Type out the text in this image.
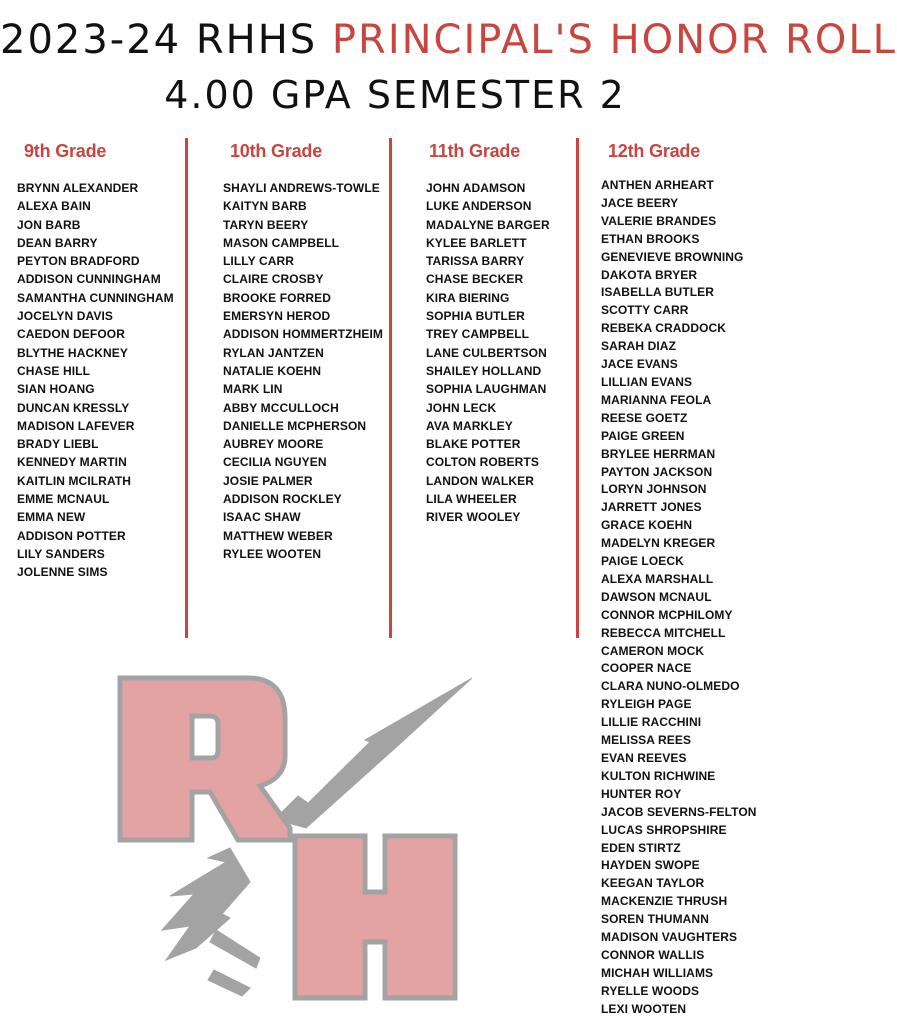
2023-24 RHHS PRINCIPAL'S HONOR ROLL
4.00 GPA SEMESTER 2
9th Grade
BRYNN ALEXANDER
ALEXA BAIN
JON BARB
DEAN BARRY
PEYTON BRADFORD
ADDISON CUNNINGHAM
SAMANTHA CUNNINGHAM
JOCELYN DAVIS
CAEDON DEFOOR
BLYTHE HACKNEY
CHASE HILL
SIAN HOANG
DUNCAN KRESSLY
MADISON LAFEVER
BRADY LIEBL
KENNEDY MARTIN
KAITLIN MCILRATH
EMME MCNAUL
EMMA NEW
ADDISON POTTER
LILY SANDERS
JOLENNE SIMS
10th Grade
SHAYLI ANDREWS-TOWLE
KAITYN BARB
TARYN BEERY
MASON CAMPBELL
LILLY CARR
CLAIRE CROSBY
BROOKE FORRED
EMERSYN HEROD
ADDISON HOMMERTZHEIM
RYLAN JANTZEN
NATALIE KOEHN
MARK LIN
ABBY MCCULLOCH
DANIELLE MCPHERSON
AUBREY MOORE
CECILIA NGUYEN
JOSIE PALMER
ADDISON ROCKLEY
ISAAC SHAW
MATTHEW WEBER
RYLEE WOOTEN
11th Grade
JOHN ADAMSON
LUKE ANDERSON
MADALYNE BARGER
KYLEE BARLETT
TARISSA BARRY
CHASE BECKER
KIRA BIERING
SOPHIA BUTLER
TREY CAMPBELL
LANE CULBERTSON
SHAILEY HOLLAND
SOPHIA LAUGHMAN
JOHN LECK
AVA MARKLEY
BLAKE POTTER
COLTON ROBERTS
LANDON WALKER
LILA WHEELER
RIVER WOOLEY
12th Grade
ANTHEN ARHEART
JACE BEERY
VALERIE BRANDES
ETHAN BROOKS
GENEVIEVE BROWNING
DAKOTA BRYER
ISABELLA BUTLER
SCOTTY CARR
REBEKA CRADDOCK
SARAH DIAZ
JACE EVANS
LILLIAN EVANS
MARIANNA FEOLA
REESE GOETZ
PAIGE GREEN
BRYLEE HERRMAN
PAYTON JACKSON
LORYN JOHNSON
JARRETT JONES
GRACE KOEHN
MADELYN KREGER
PAIGE LOECK
ALEXA MARSHALL
DAWSON MCNAUL
CONNOR MCPHILOMY
REBECCA MITCHELL
CAMERON MOCK
COOPER NACE
CLARA NUNO-OLMEDO
RYLEIGH PAGE
LILLIE RACCHINI
MELISSA REES
EVAN REEVES
KULTON RICHWINE
HUNTER ROY
JACOB SEVERNS-FELTON
LUCAS SHROPSHIRE
EDEN STIRTZ
HAYDEN SWOPE
KEEGAN TAYLOR
MACKENZIE THRUSH
SOREN THUMANN
MADISON VAUGHTERS
CONNOR WALLIS
MICHAH WILLIAMS
RYELLE WOODS
LEXI WOOTEN
